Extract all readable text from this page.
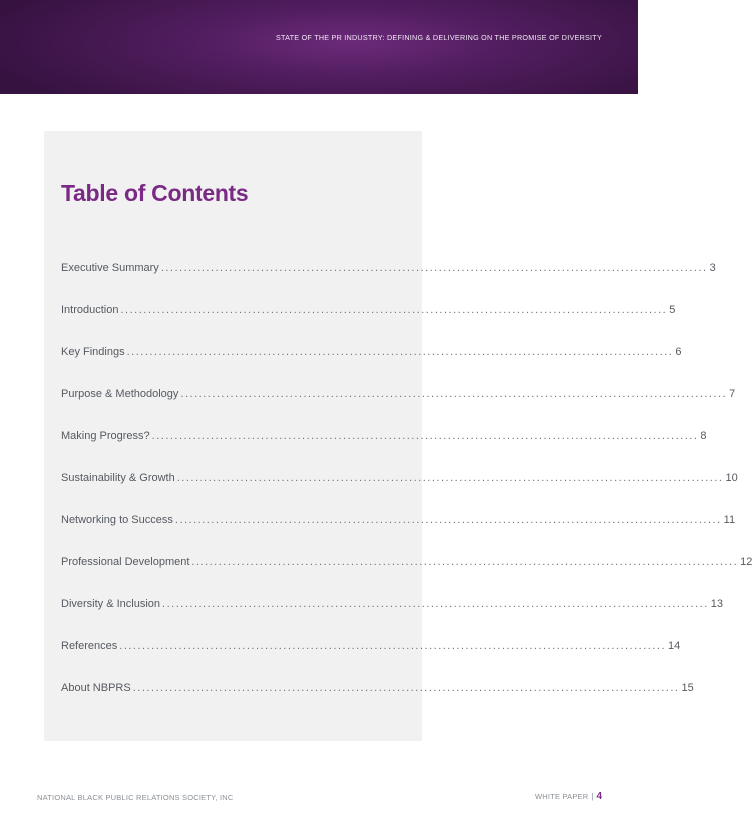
STATE OF THE PR INDUSTRY: DEFINING & DELIVERING ON THE PROMISE OF DIVERSITY
Table of Contents
Executive Summary ........................................................................................................................ 3
Introduction ........................................................................................................................ 5
Key Findings ........................................................................................................................ 6
Purpose & Methodology ........................................................................................................................ 7
Making Progress? ........................................................................................................................ 8
Sustainability & Growth ........................................................................................................................ 10
Networking to Success ........................................................................................................................ 11
Professional Development ........................................................................................................................ 12
Diversity & Inclusion ........................................................................................................................ 13
References ........................................................................................................................ 14
About NBPRS ........................................................................................................................ 15
NATIONAL BLACK PUBLIC RELATIONS SOCIETY, INC	WHITE PAPER | 4
